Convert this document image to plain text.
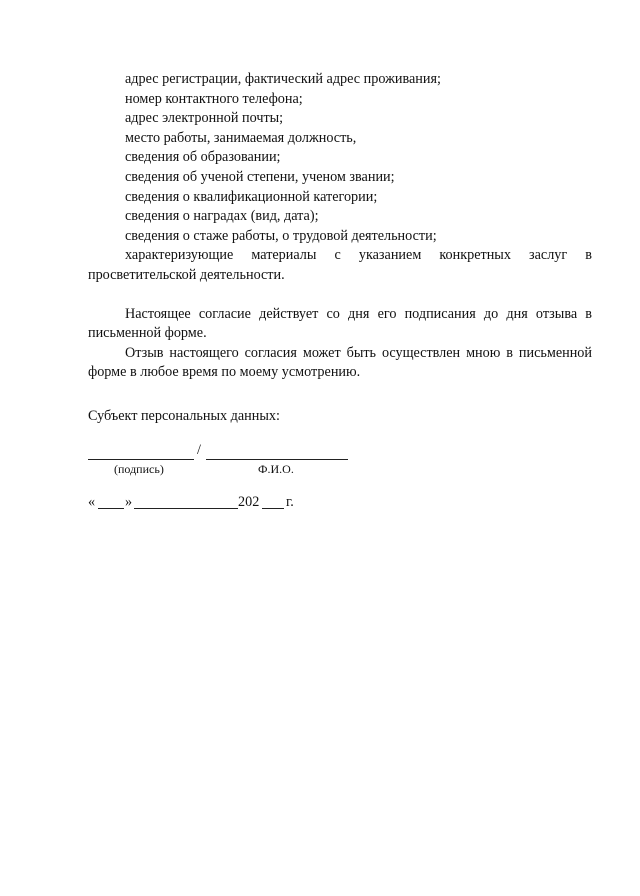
адрес регистрации, фактический адрес проживания;
номер контактного телефона;
адрес электронной почты;
место работы, занимаемая должность,
сведения об образовании;
сведения об ученой степени, ученом звании;
сведения о квалификационной категории;
сведения о наградах (вид, дата);
сведения о стаже работы, о трудовой деятельности;
характеризующие материалы с указанием конкретных заслуг в просветительской деятельности.
Настоящее согласие действует со дня его подписания до дня отзыва в письменной форме.
Отзыв настоящего согласия может быть осуществлен мною в письменной форме в любое время по моему усмотрению.
Субъект персональных данных:
/
(подпись)	Ф.И.О.
« »	202 г.
